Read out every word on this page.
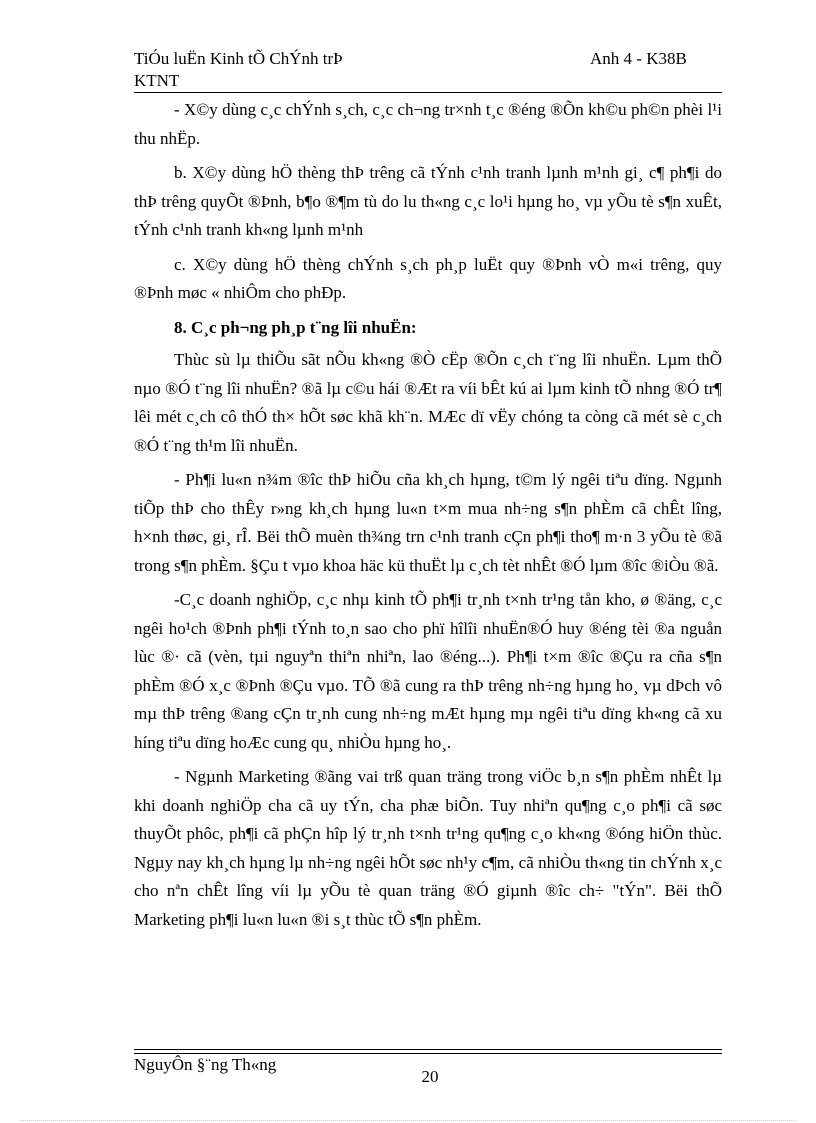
TiÓu luËn Kinh tÕ ChÝnh trÞ
KTNT
Anh 4 - K38B

- X©y dùng c¸c chÝnh s¸ch, c¸c ch¬ng tr×nh t¸c ®éng ®Õn kh©u ph©n phèi l¹i thu nhËp.

b. X©y dùng hÖ thèng thÞ trêng cã tÝnh c¹nh tranh lµnh m¹nh gi¸ c¶ ph¶i do thÞ trêng quyÕt ®Þnh, b¶o ®¶m tù do lu th«ng c¸c lo¹i hµng ho¸ vµ yÕu tè s¶n xuÊt, tÝnh c¹nh tranh kh«ng lµnh m¹nh

c. X©y dùng hÖ thèng chÝnh s¸ch ph¸p luËt quy ®Þnh vÒ m«i trêng, quy ®Þnh møc « nhiÔm cho phÐp.

8. C¸c ph¬ng ph¸p t¨ng lîi nhuËn:

Thùc sù lµ thiÕu sãt nÕu kh«ng ®Ò cËp ®Õn c¸ch t¨ng lîi nhuËn. Lµm thÕ nµo ®Ó t¨ng lîi nhuËn? ®ã lµ c©u hái ®Æt ra víi bÊt kú ai lµm kinh tÕ nhng ®Ó tr¶ lêi mét c¸ch cô thÓ th× hÕt søc khã kh¨n. MÆc dï vËy chóng ta còng cã mét sè c¸ch ®Ó t¨ng th¹m lîi nhuËn.

- Ph¶i lu«n n¾m ®îc thÞ hiÕu cña kh¸ch hµng, t©m lý ngêi tiªu dïng. Ngµnh tiÕp thÞ cho thÊy r»ng kh¸ch hµng lu«n t×m mua nh÷ng s¶n phÈm cã chÊt lîng, h×nh thøc, gi¸ rÎ. Bëi thÕ muèn th¾ng trn c¹nh tranh cÇn ph¶i tho¶ m·n 3 yÕu tè ®ã trong s¶n phÈm. §Çu t vµo khoa häc kü thuËt lµ c¸ch tèt nhÊt ®Ó lµm ®îc ®iÒu ®ã.

-C¸c doanh nghiÖp, c¸c nhµ kinh tÕ ph¶i tr¸nh t×nh tr¹ng tån kho, ø ®äng, c¸c ngêi ho¹ch ®Þnh ph¶i tÝnh to¸n sao cho phï hîlîi nhuËn®Ó huy ®éng tèi ®a nguån lùc ®· cã (vèn, tµi nguyªn thiªn nhiªn, lao ®éng...). Ph¶i t×m ®îc ®Çu ra cña s¶n phÈm ®Ó x¸c ®Þnh ®Çu vµo. TÕ ®ã cung ra thÞ trêng nh÷ng hµng ho¸ vµ dÞch vô mµ thÞ trêng ®ang cÇn tr¸nh cung nh÷ng mÆt hµng mµ ngêi tiªu dïng kh«ng cã xu híng tiªu dïng hoÆc cung qu¸ nhiÒu hµng ho¸.

- Ngµnh Marketing ®ãng vai trß quan träng trong viÖc b¸n s¶n phÈm nhÊt lµ khi doanh nghiÖp cha cã uy tÝn, cha phæ biÕn. Tuy nhiªn qu¶ng c¸o ph¶i cã søc thuyÕt phôc, ph¶i cã phÇn hîp lý tr¸nh t×nh tr¹ng qu¶ng c¸o kh«ng ®óng hiÖn thùc. Ngµy nay kh¸ch hµng lµ nh÷ng ngêi hÕt søc nh¹y c¶m, cã nhiÒu th«ng tin chÝnh x¸c cho nªn chÊt lîng víi lµ yÕu tè quan träng ®Ó giµnh ®îc ch÷ "tÝn". Bëi thÕ Marketing ph¶i lu«n lu«n ®i s¸t thùc tÕ s¶n phÈm.

NguyÔn §¨ng Th«ng
20
